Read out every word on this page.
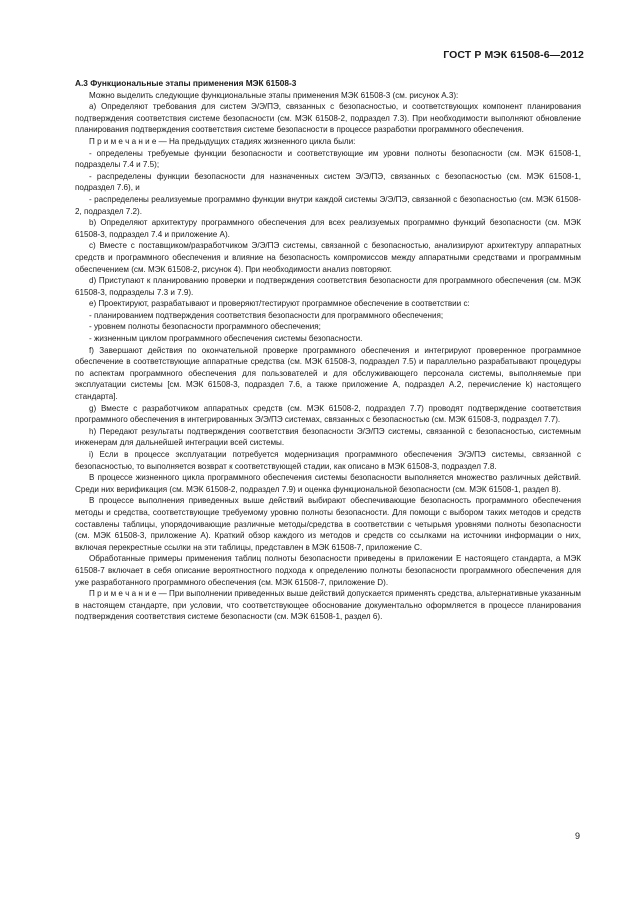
ГОСТ Р МЭК 61508-6—2012
А.3 Функциональные этапы применения МЭК 61508-3

Можно выделить следующие функциональные этапы применения МЭК 61508-3 (см. рисунок А.3):

а) Определяют требования для систем Э/Э/ПЭ, связанных с безопасностью, и соответствующих компонент планирования подтверждения соответствия системе безопасности (см. МЭК 61508-2, подраздел 7.3). При необходимости выполняют обновление планирования подтверждения соответствия системе безопасности в процессе разработки программного обеспечения.

П р и м е ч а н и е — На предыдущих стадиях жизненного цикла были:

- определены требуемые функции безопасности и соответствующие им уровни полноты безопасности (см. МЭК 61508-1, подразделы 7.4 и 7.5);

- распределены функции безопасности для назначенных систем Э/Э/ПЭ, связанных с безопасностью (см. МЭК 61508-1, подраздел 7.6), и

- распределены реализуемые программно функции внутри каждой системы Э/Э/ПЭ, связанной с безопасностью (см. МЭК 61508-2, подраздел 7.2).

b) Определяют архитектуру программного обеспечения для всех реализуемых программно функций безопасности (см. МЭК 61508-3, подраздел 7.4 и приложение А).

с) Вместе с поставщиком/разработчиком Э/Э/ПЭ системы, связанной с безопасностью, анализируют архитектуру аппаратных средств и программного обеспечения и влияние на безопасность компромиссов между аппаратными средствами и программным обеспечением (см. МЭК 61508-2, рисунок 4). При необходимости анализ повторяют.

d) Приступают к планированию проверки и подтверждения соответствия безопасности для программного обеспечения (см. МЭК 61508-3, подразделы 7.3 и 7.9).

е) Проектируют, разрабатывают и проверяют/тестируют программное обеспечение в соответствии с:

- планированием подтверждения соответствия безопасности для программного обеспечения;

- уровнем полноты безопасности программного обеспечения;

- жизненным циклом программного обеспечения системы безопасности.

f) Завершают действия по окончательной проверке программного обеспечения и интегрируют проверенное программное обеспечение в соответствующие аппаратные средства (см. МЭК 61508-3, подраздел 7.5) и параллельно разрабатывают процедуры по аспектам программного обеспечения для пользователей и для обслуживающего персонала системы, выполняемые при эксплуатации системы [см. МЭК 61508-3, подраздел 7.6, а также приложение А, подраздел А.2, перечисление k) настоящего стандарта].

g) Вместе с разработчиком аппаратных средств (см. МЭК 61508-2, подраздел 7.7) проводят подтверждение соответствия программного обеспечения в интегрированных Э/Э/ПЭ системах, связанных с безопасностью (см. МЭК 61508-3, подраздел 7.7).

h) Передают результаты подтверждения соответствия безопасности Э/Э/ПЭ системы, связанной с безопасностью, системным инженерам для дальнейшей интеграции всей системы.

i) Если в процессе эксплуатации потребуется модернизация программного обеспечения Э/Э/ПЭ системы, связанной с безопасностью, то выполняется возврат к соответствующей стадии, как описано в МЭК 61508-3, подраздел 7.8.

В процессе жизненного цикла программного обеспечения системы безопасности выполняется множество различных действий. Среди них верификация (см. МЭК 61508-2, подраздел 7.9) и оценка функциональной безопасности (см. МЭК 61508-1, раздел 8).

В процессе выполнения приведенных выше действий выбирают обеспечивающие безопасность программного обеспечения методы и средства, соответствующие требуемому уровню полноты безопасности. Для помощи с выбором таких методов и средств составлены таблицы, упорядочивающие различные методы/средства в соответствии с четырьмя уровнями полноты безопасности (см. МЭК 61508-3, приложение А). Краткий обзор каждого из методов и средств со ссылками на источники информации о них, включая перекрестные ссылки на эти таблицы, представлен в МЭК 61508-7, приложение С.

Обработанные примеры применения таблиц полноты безопасности приведены в приложении Е настоящего стандарта, а МЭК 61508-7 включает в себя описание вероятностного подхода к определению полноты безопасности программного обеспечения для уже разработанного программного обеспечения (см. МЭК 61508-7, приложение D).

П р и м е ч а н и е — При выполнении приведенных выше действий допускается применять средства, альтернативные указанным в настоящем стандарте, при условии, что соответствующее обоснование документально оформляется в процессе планирования подтверждения соответствия системе безопасности (см. МЭК 61508-1, раздел 6).

9
